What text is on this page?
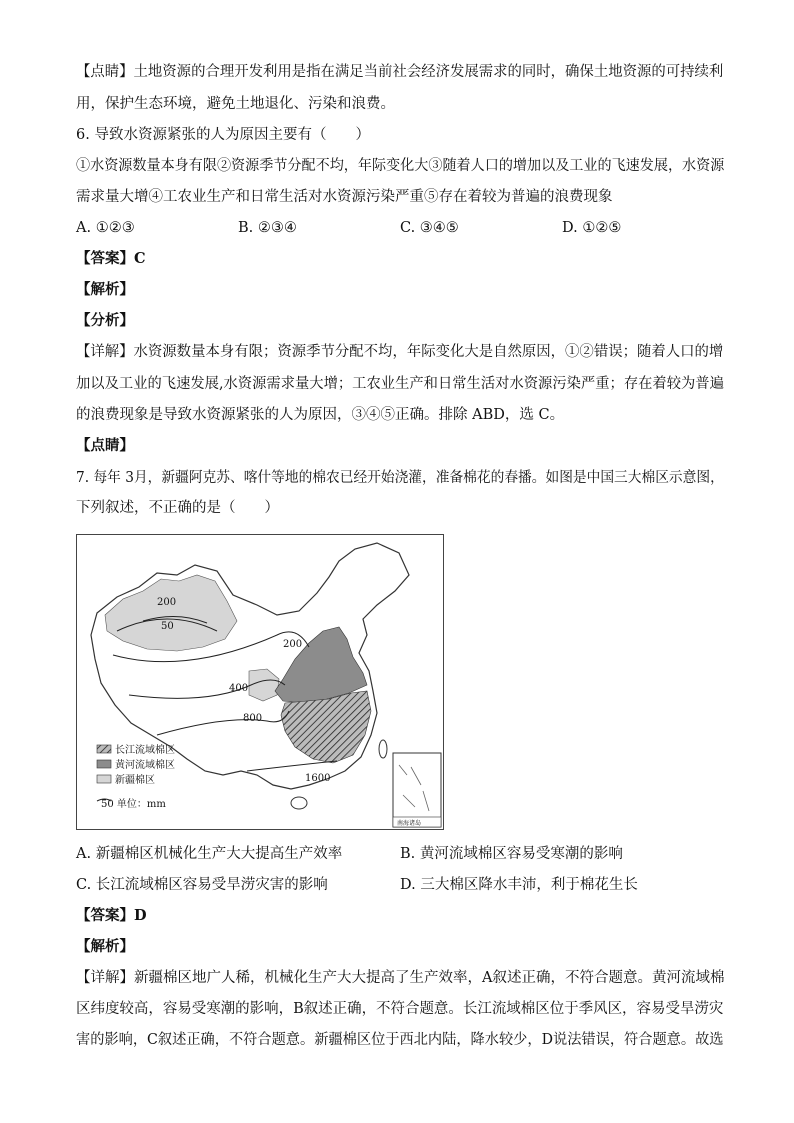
【点睛】土地资源的合理开发利用是指在满足当前社会经济发展需求的同时，确保土地资源的可持续利
用，保护生态环境，避免土地退化、污染和浪费。
6. 导致水资源紧张的人为原因主要有（　　）
①水资源数量本身有限②资源季节分配不均，年际变化大③随着人口的增加以及工业的飞速发展，水资源
需求量大增④工农业生产和日常生活对水资源污染严重⑤存在着较为普遍的浪费现象
A. ①②③	B. ②③④	C. ③④⑤	D. ①②⑤
【答案】C
【解析】
【分析】
【详解】水资源数量本身有限；资源季节分配不均，年际变化大是自然原因，①②错误；随着人口的增
加以及工业的飞速发展,水资源需求量大增；工农业生产和日常生活对水资源污染严重；存在着较为普遍
的浪费现象是导致水资源紧张的人为原因，③④⑤正确。排除 ABD，选 C。
【点睛】
7. 每年 3月，新疆阿克苏、喀什等地的棉农已经开始浇灌，准备棉花的春播。如图是中国三大棉区示意图，
下列叙述，不正确的是（　　）
长江流域棉区
黄河流域棉区
新疆棉区
50 单位：mm
200
50
200
400
800
1600
南海诸岛
A. 新疆棉区机械化生产大大提高生产效率	B. 黄河流域棉区容易受寒潮的影响
C. 长江流域棉区容易受旱涝灾害的影响	D. 三大棉区降水丰沛，利于棉花生长
【答案】D
【解析】
【详解】新疆棉区地广人稀，机械化生产大大提高了生产效率，A叙述正确，不符合题意。黄河流域棉
区纬度较高，容易受寒潮的影响，B叙述正确，不符合题意。长江流域棉区位于季风区，容易受旱涝灾
害的影响，C叙述正确，不符合题意。新疆棉区位于西北内陆，降水较少，D说法错误，符合题意。故选
